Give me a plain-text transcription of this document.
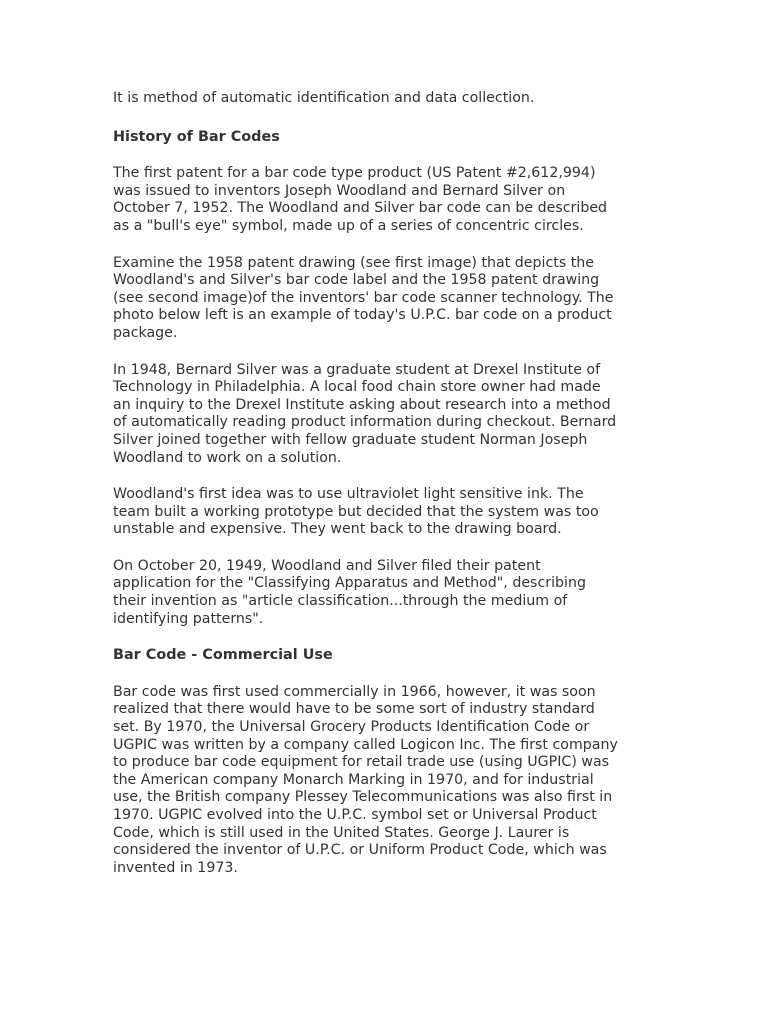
It is method of automatic identification and data collection.

History of Bar Codes

The first patent for a bar code type product (US Patent #2,612,994)
was issued to inventors Joseph Woodland and Bernard Silver on
October 7, 1952. The Woodland and Silver bar code can be described
as a "bull's eye" symbol, made up of a series of concentric circles.

Examine the 1958 patent drawing (see first image) that depicts the
Woodland's and Silver's bar code label and the 1958 patent drawing
(see second image)of the inventors' bar code scanner technology. The
photo below left is an example of today's U.P.C. bar code on a product
package.

In 1948, Bernard Silver was a graduate student at Drexel Institute of
Technology in Philadelphia. A local food chain store owner had made
an inquiry to the Drexel Institute asking about research into a method
of automatically reading product information during checkout. Bernard
Silver joined together with fellow graduate student Norman Joseph
Woodland to work on a solution.

Woodland's first idea was to use ultraviolet light sensitive ink. The
team built a working prototype but decided that the system was too
unstable and expensive. They went back to the drawing board.

On October 20, 1949, Woodland and Silver filed their patent
application for the "Classifying Apparatus and Method", describing
their invention as "article classification...through the medium of
identifying patterns".

Bar Code - Commercial Use

Bar code was first used commercially in 1966, however, it was soon
realized that there would have to be some sort of industry standard
set. By 1970, the Universal Grocery Products Identification Code or
UGPIC was written by a company called Logicon Inc. The first company
to produce bar code equipment for retail trade use (using UGPIC) was
the American company Monarch Marking in 1970, and for industrial
use, the British company Plessey Telecommunications was also first in
1970. UGPIC evolved into the U.P.C. symbol set or Universal Product
Code, which is still used in the United States. George J. Laurer is
considered the inventor of U.P.C. or Uniform Product Code, which was
invented in 1973.
